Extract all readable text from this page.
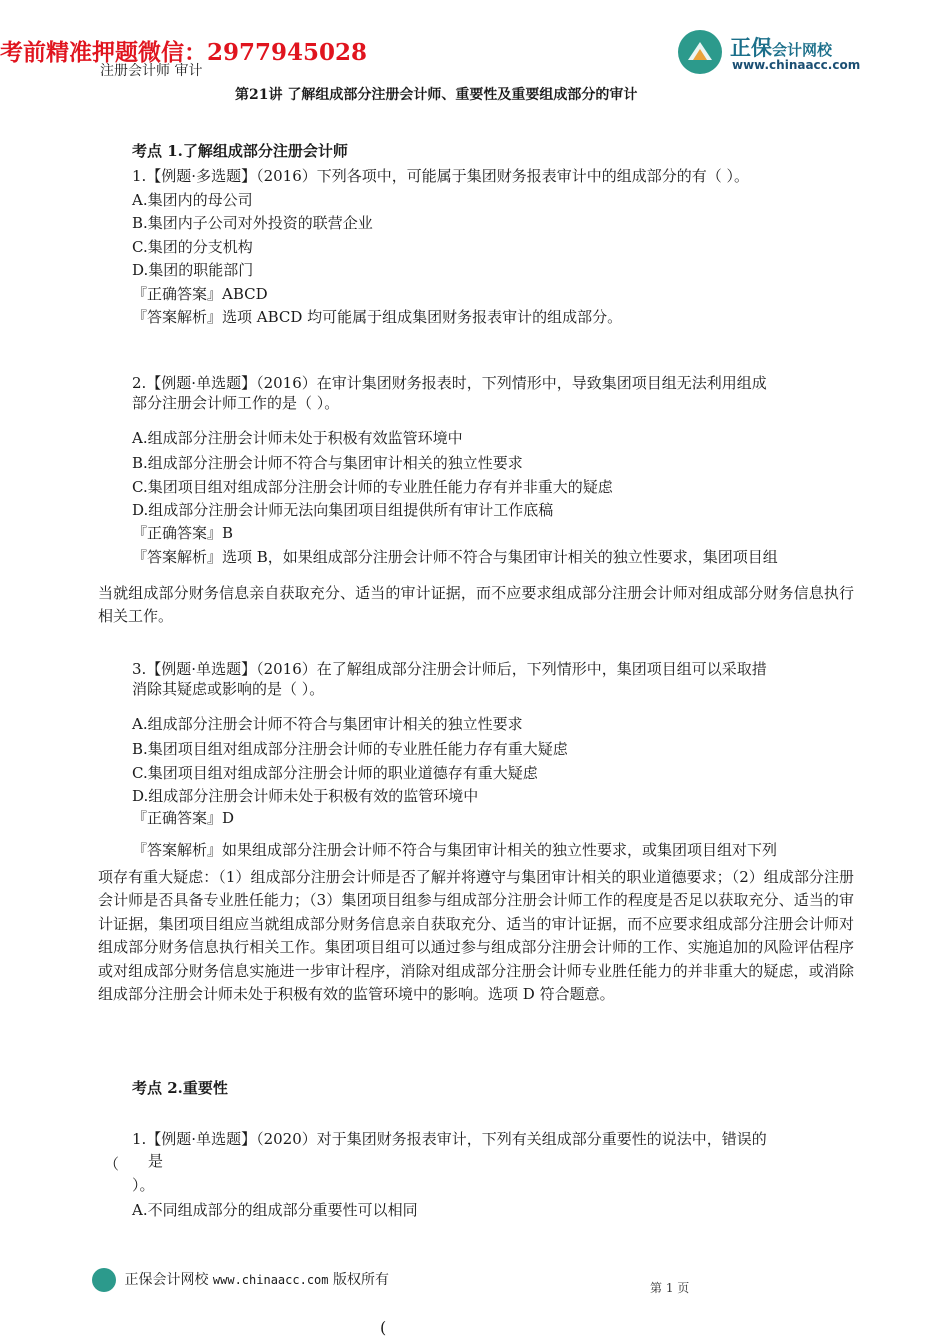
考前精准押题微信：2977945028	正保会计网校
www.chinaacc.com
注册会计师 审计
第21讲 了解组成部分注册会计师、重要性及重要组成部分的审计
考点 1.了解组成部分注册会计师
1.【例题·多选题】（2016）下列各项中，可能属于集团财务报表审计中的组成部分的有（ ）。
A.集团内的母公司
B.集团内子公司对外投资的联营企业
C.集团的分支机构
D.集团的职能部门
『正确答案』ABCD
『答案解析』选项 ABCD 均可能属于组成集团财务报表审计的组成部分。
2.【例题·单选题】（2016）在审计集团财务报表时，下列情形中，导致集团项目组无法利用组成
部分注册会计师工作的是（ ）。
A.组成部分注册会计师未处于积极有效监管环境中
B.组成部分注册会计师不符合与集团审计相关的独立性要求
C.集团项目组对组成部分注册会计师的专业胜任能力存有并非重大的疑虑
D.组成部分注册会计师无法向集团项目组提供所有审计工作底稿
『正确答案』B
『答案解析』选项 B，如果组成部分注册会计师不符合与集团审计相关的独立性要求，集团项目组

当就组成部分财务信息亲自获取充分、适当的审计证据，而不应要求组成部分注册会计师对组成部分财务信息执行相关工作。

3.【例题·单选题】（2016）在了解组成部分注册会计师后，下列情形中，集团项目组可以采取措
消除其疑虑或影响的是（ ）。
A.组成部分注册会计师不符合与集团审计相关的独立性要求
B.集团项目组对组成部分注册会计师的专业胜任能力存有重大疑虑
C.集团项目组对组成部分注册会计师的职业道德存有重大疑虑
D.组成部分注册会计师未处于积极有效的监管环境中
『正确答案』D
『答案解析』如果组成部分注册会计师不符合与集团审计相关的独立性要求，或集团项目组对下列

项存有重大疑虑：（1）组成部分注册会计师是否了解并将遵守与集团审计相关的职业道德要求；（2）组成部分注册会计师是否具备专业胜任能力；（3）集团项目组参与组成部分注册会计师工作的程度是否足以获取充分、适当的审计证据，集团项目组应当就组成部分财务信息亲自获取充分、适当的审计证据，而不应要求组成部分注册会计师对组成部分财务信息执行相关工作。集团项目组可以通过参与组成部分注册会计师的工作、实施追加的风险评估程序或对组成部分财务信息实施进一步审计程序，消除对组成部分注册会计师专业胜任能力的并非重大的疑虑，或消除组成部分注册会计师未处于积极有效的监管环境中的影响。选项 D 符合题意。

考点 2.重要性
1.【例题·单选题】（2020）对于集团财务报表审计，下列有关组成部分重要性的说法中，错误的
是
（
）。
A.不同组成部分的组成部分重要性可以相同
正保会计网校 www.chinaacc.com 版权所有	第 1 页
(
